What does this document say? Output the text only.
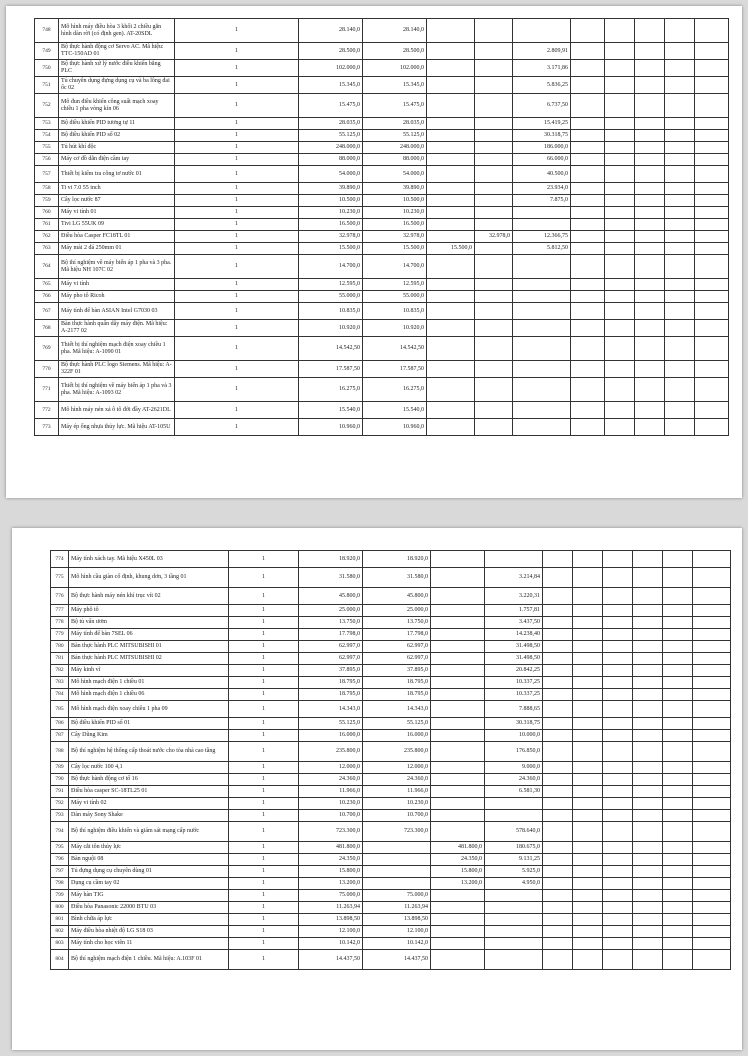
748	Mô hình máy điều hòa 3 khối 2 chiều gắn hình dàn rời (có định gen). AT-20SDL	1	28.140,0	28.140,0								
749	Bộ thực hành động cơ Servo AC. Mã hiệu: TTC-150AD 01	1	28.500,0	28.500,0			2.809,91					
750	Bộ thực hành xử lý nước điều khiển bằng PLC	1	102.000,0	102.000,0			3.171,86					
751	Tủ chuyên dụng đựng dụng cụ và ba lông đai ốc 02	1	15.345,0	15.345,0			5.836,25					
752	Mô đun điều khiển công suất mạch xoay chiều 1 pha vòng kín 06	1	15.475,0	15.475,0			6.737,50					
753	Bộ điều khiển PID tương tự 11	1	28.035,0	28.035,0			15.419,25					
754	Bộ điều khiển PID số 02	1	55.125,0	55.125,0			30.318,75					
755	Tủ hút khí độc	1	248.000,0	248.000,0			186.000,0					
756	Máy cơ đồ dẫn điện cầm tay	1	88.000,0	88.000,0			66.000,0					
757	Thiết bị kiểm tra công tơ nước 01	1	54.000,0	54.000,0			40.500,0					
758	Ti vi 7.0 55 inch	1	39.890,0	39.890,0			23.934,0					
759	Cây lọc nước 87	1	10.500,0	10.500,0			7.875,0					
760	Máy vi tính 01	1	10.230,0	10.230,0								
761	Tivi LG 55UK 09	1	16.500,0	16.500,0								
762	Điều hòa Casper FC18TL 01	1	32.978,0	32.978,0		32.978,0	12.366,75					
763	Máy mài 2 đá 250mm 01	1	15.500,0	15.500,0	15.500,0		5.812,50					
764	Bộ thí nghiệm về máy biến áp 1 pha và 3 pha. Mã hiệu NH 107C 02	1	14.700,0	14.700,0								
765	Máy vi tính	1	12.595,0	12.595,0								
766	Máy pho tô Ricoh	1	55.000,0	55.000,0								
767	Máy tính để bàn ASIAN Intel G7030 03	1	10.835,0	10.835,0								
768	Bàn thực hành quấn dây máy điện. Mã hiệu: A-2177 02	1	10.920,0	10.920,0								
769	Thiết bị thí nghiệm mạch điện xoay chiều 1 pha. Mã hiệu: A-1090 01	1	14.542,50	14.542,50								
770	Bộ thực hành PLC logo Siemens. Mã hiệu: A-322F 01	1	17.587,50	17.587,50								
771	Thiết bị thí nghiệm về máy biến áp 1 pha và 3 pha. Mã hiệu: A-1093 02	1	16.275,0	16.275,0								
772	Mô hình máy nén xả ô tô đời đầy AT-2621DL	1	15.540,0	15.540,0								
773	Máy ép ống nhựa thủy lực. Mã hiệu AT-105U	1	10.960,0	10.960,0								
774	Máy tính xách tay. Mã hiệu X450L 03	1	18.920,0	18.920,0								
775	Mô hình cầu giàn cố định, khung dơn, 3 tầng 01	1	31.580,0	31.580,0		3.214,84						
776	Bộ thực hành máy nén khí trục vít 02	1	45.800,0	45.800,0		3.220,31						
777	Máy phô tô	1	25.000,0	25.000,0		1.757,81						
778	Bộ tủ vấn ươm	1	13.750,0	13.750,0		3.437,50						
779	Máy tính để bàn 7SEL 06	1	17.798,0	17.798,0		14.238,40						
780	Bàn thực hành PLC MITSUBISHI 01	1	62.997,0	62.997,0		31.498,50						
781	Bàn thực hành PLC MITSUBISHI 02	1	62.997,0	62.997,0		31.498,50						
782	Máy kinh vĩ	1	37.895,0	37.895,0		20.842,25						
783	Mô hình mạch điện 1 chiều 01	1	18.795,0	18.795,0		10.337,25						
784	Mô hình mạch điện 1 chiều 06	1	18.795,0	18.795,0		10.337,25						
785	Mô hình mạch điện xoay chiều 1 pha 09	1	14.343,0	14.343,0		7.888,65						
786	Bộ điều khiển PID số 01	1	55.125,0	55.125,0		30.318,75						
787	Cây Dũng Kim	1	16.000,0	16.000,0		10.000,0						
788	Bộ thí nghiệm hệ thống cấp thoát nước cho tòa nhà cao tầng	1	235.800,0	235.800,0		176.850,0						
789	Cây lọc nước 100 4,1	1	12.000,0	12.000,0		9.000,0						
790	Bộ thực hành động cơ tổ 16	1	24.360,0	24.360,0		24.360,0						
791	Điều hòa casper SC-18TL25 01	1	11.966,0	11.966,0		6.581,30						
792	Máy vi tính 02	1	10.230,0	10.230,0								
793	Dàn máy Sony Shake	1	10.700,0	10.700,0								
794	Bộ thí nghiệm điều khiển và giám sát mạng cấp nước	1	723.300,0	723.300,0		578.640,0						
795	Máy cắt tôn thủy lực	1	481.800,0		481.800,0	180.675,0						
796	Bàn nguội 08	1	24.350,0		24.350,0	9.131,25						
797	Tủ đựng dụng cụ chuyên dùng 01	1	15.800,0		15.800,0	5.925,0						
798	Dụng cụ cầm tay 02	1	13.200,0		13.200,0	4.950,0						
799	Máy hàn TIG	1	75.000,0	75.000,0								
800	Điều hòa Panasonic 22000 BTU 03	1	11.263,94	11.263,94								
801	Bình chữa áp lực	1	13.898,50	13.898,50								
802	Máy điều hòa nhiệt độ LG S18 03	1	12.100,0	12.100,0								
803	Máy tính cho học viên 11	1	10.142,0	10.142,0								
804	Bộ thí nghiệm mạch điện 1 chiều. Mã hiệu: A.103F 01	1	14.437,50	14.437,50								
